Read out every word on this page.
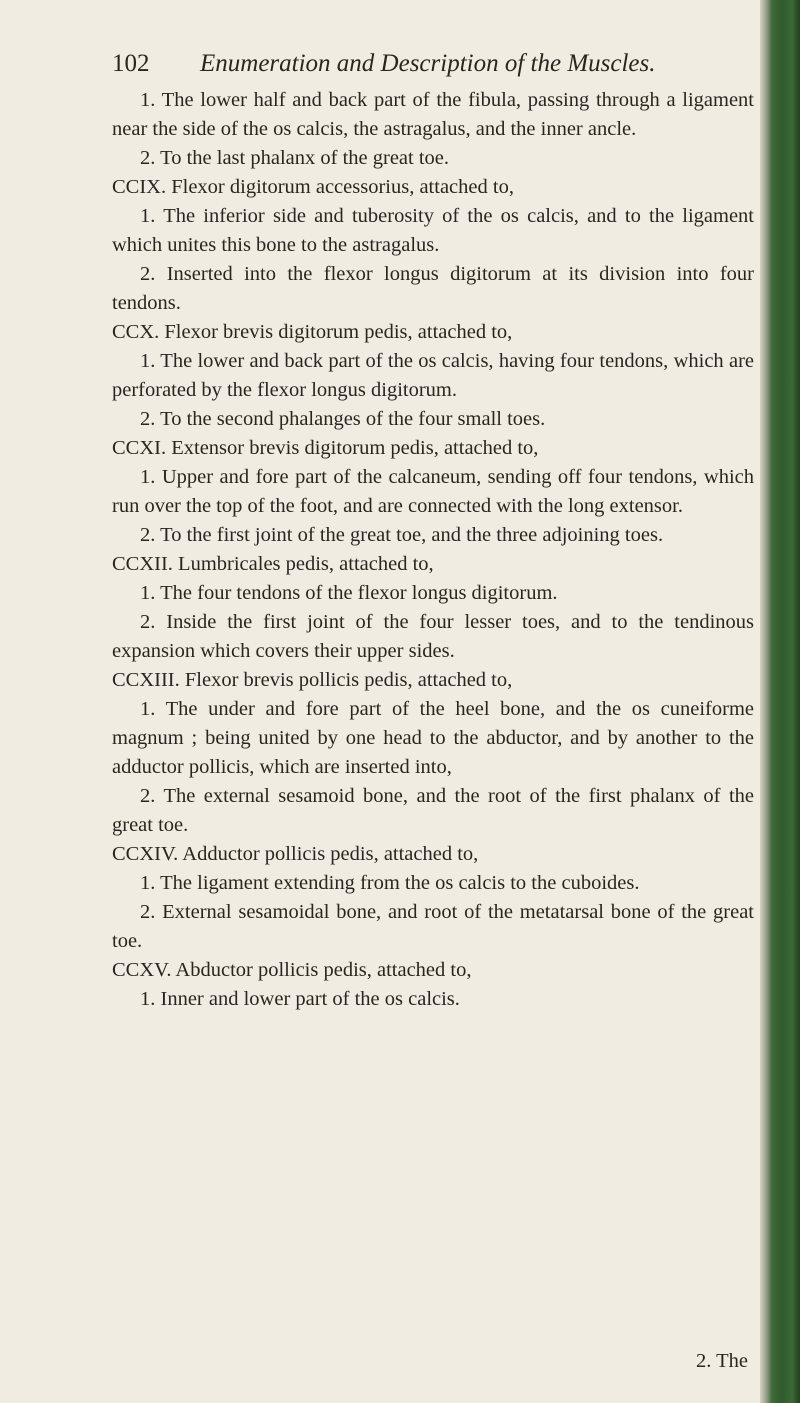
102 Enumeration and Description of the Muscles.

1. The lower half and back part of the fibula, passing through a ligament near the side of the os calcis, the astragalus, and the inner ancle.

2. To the last phalanx of the great toe.

CCIX. Flexor digitorum accessorius, attached to,

1. The inferior side and tuberosity of the os calcis, and to the ligament which unites this bone to the astragalus.

2. Inserted into the flexor longus digitorum at its division into four tendons.

CCX. Flexor brevis digitorum pedis, attached to,

1. The lower and back part of the os calcis, having four tendons, which are perforated by the flexor longus digitorum.

2. To the second phalanges of the four small toes.

CCXI. Extensor brevis digitorum pedis, attached to,

1. Upper and fore part of the calcaneum, sending off four tendons, which run over the top of the foot, and are connected with the long extensor.

2. To the first joint of the great toe, and the three adjoining toes.

CCXII. Lumbricales pedis, attached to,

1. The four tendons of the flexor longus digitorum.

2. Inside the first joint of the four lesser toes, and to the tendinous expansion which covers their upper sides.

CCXIII. Flexor brevis pollicis pedis, attached to,

1. The under and fore part of the heel bone, and the os cuneiforme magnum ; being united by one head to the abductor, and by another to the adductor pollicis, which are inserted into,

2. The external sesamoid bone, and the root of the first phalanx of the great toe.

CCXIV. Adductor pollicis pedis, attached to,

1. The ligament extending from the os calcis to the cuboides.

2. External sesamoidal bone, and root of the metatarsal bone of the great toe.

CCXV. Abductor pollicis pedis, attached to,

1. Inner and lower part of the os calcis.

2. The
